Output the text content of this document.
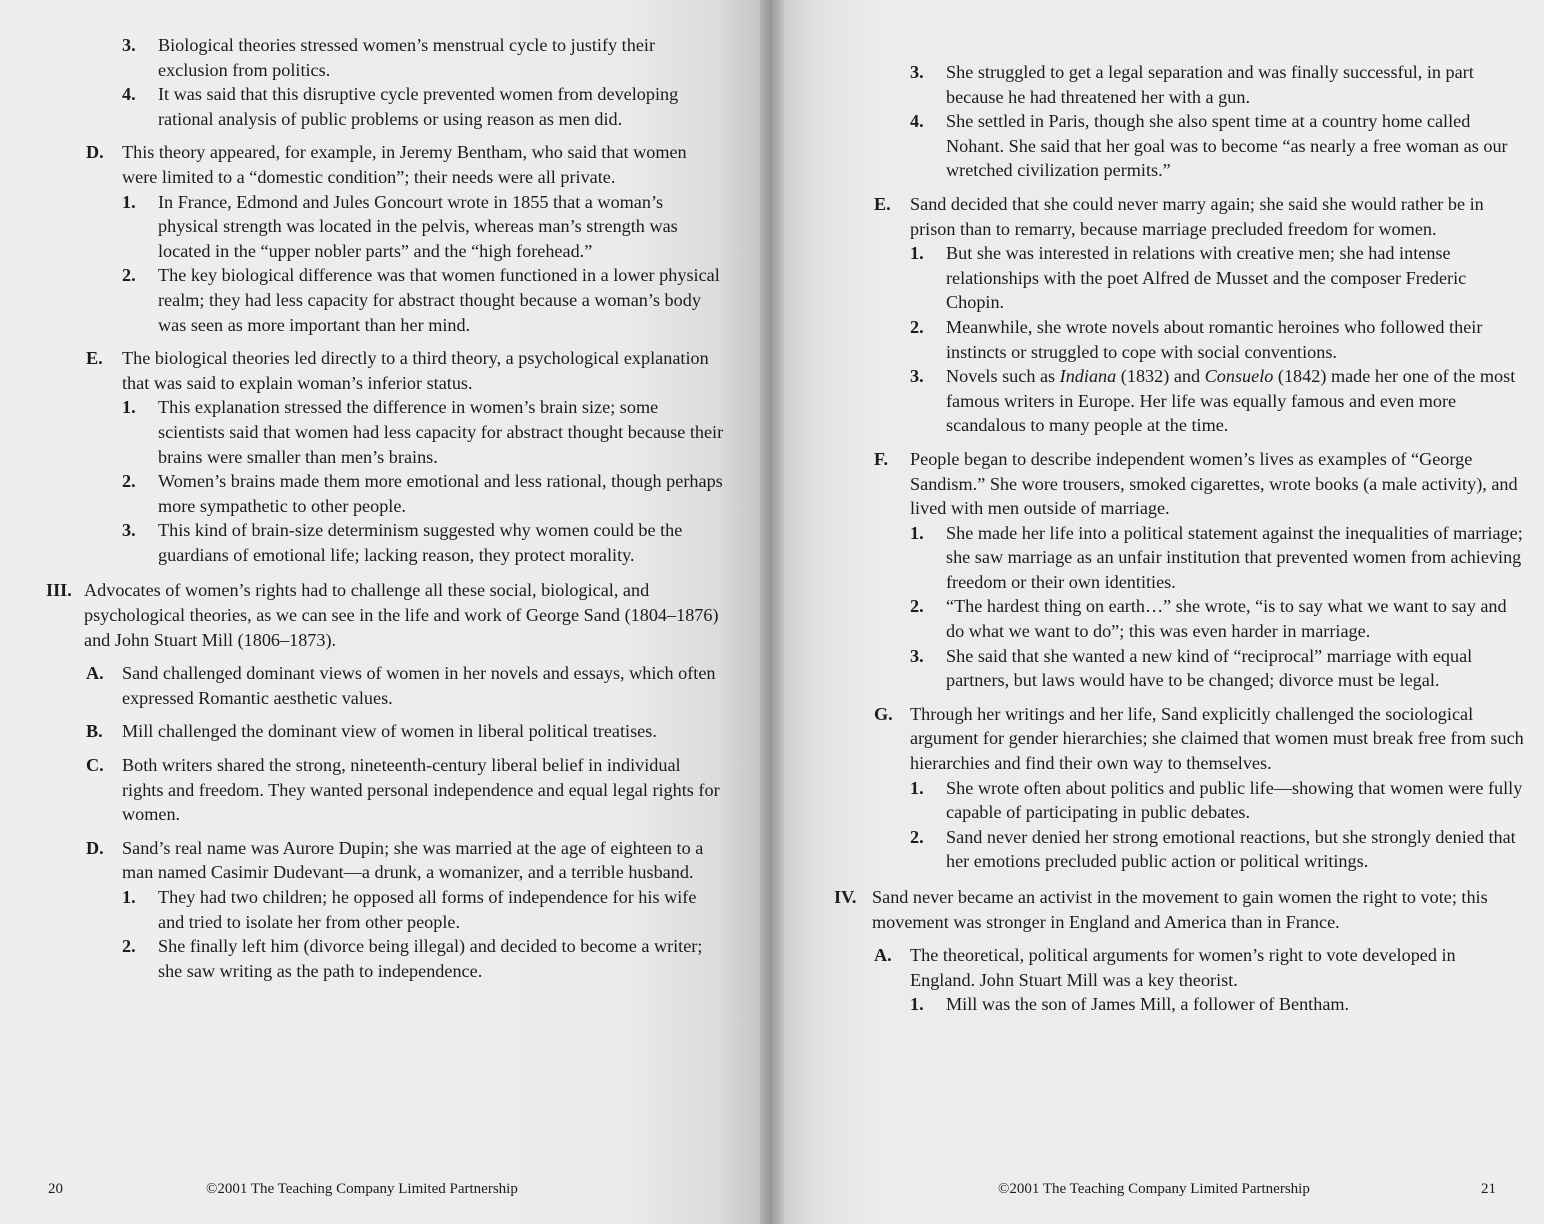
3. Biological theories stressed women’s menstrual cycle to justify their exclusion from politics.
4. It was said that this disruptive cycle prevented women from developing rational analysis of public problems or using reason as men did.
D. This theory appeared, for example, in Jeremy Bentham, who said that women were limited to a “domestic condition”; their needs were all private.
1. In France, Edmond and Jules Goncourt wrote in 1855 that a woman’s physical strength was located in the pelvis, whereas man’s strength was located in the “upper nobler parts” and the “high forehead.”
2. The key biological difference was that women functioned in a lower physical realm; they had less capacity for abstract thought because a woman’s body was seen as more important than her mind.
E. The biological theories led directly to a third theory, a psychological explanation that was said to explain woman’s inferior status.
1. This explanation stressed the difference in women’s brain size; some scientists said that women had less capacity for abstract thought because their brains were smaller than men’s brains.
2. Women’s brains made them more emotional and less rational, though perhaps more sympathetic to other people.
3. This kind of brain-size determinism suggested why women could be the guardians of emotional life; lacking reason, they protect morality.
III. Advocates of women’s rights had to challenge all these social, biological, and psychological theories, as we can see in the life and work of George Sand (1804–1876) and John Stuart Mill (1806–1873).
A. Sand challenged dominant views of women in her novels and essays, which often expressed Romantic aesthetic values.
B. Mill challenged the dominant view of women in liberal political treatises.
C. Both writers shared the strong, nineteenth-century liberal belief in individual rights and freedom. They wanted personal independence and equal legal rights for women.
D. Sand’s real name was Aurore Dupin; she was married at the age of eighteen to a man named Casimir Dudevant—a drunk, a womanizer, and a terrible husband.
1. They had two children; he opposed all forms of independence for his wife and tried to isolate her from other people.
2. She finally left him (divorce being illegal) and decided to become a writer; she saw writing as the path to independence.
20	©2001 The Teaching Company Limited Partnership
3. She struggled to get a legal separation and was finally successful, in part because he had threatened her with a gun.
4. She settled in Paris, though she also spent time at a country home called Nohant. She said that her goal was to become “as nearly a free woman as our wretched civilization permits.”
E. Sand decided that she could never marry again; she said she would rather be in prison than to remarry, because marriage precluded freedom for women.
1. But she was interested in relations with creative men; she had intense relationships with the poet Alfred de Musset and the composer Frederic Chopin.
2. Meanwhile, she wrote novels about romantic heroines who followed their instincts or struggled to cope with social conventions.
3. Novels such as Indiana (1832) and Consuelo (1842) made her one of the most famous writers in Europe. Her life was equally famous and even more scandalous to many people at the time.
F. People began to describe independent women’s lives as examples of “George Sandism.” She wore trousers, smoked cigarettes, wrote books (a male activity), and lived with men outside of marriage.
1. She made her life into a political statement against the inequalities of marriage; she saw marriage as an unfair institution that prevented women from achieving freedom or their own identities.
2. “The hardest thing on earth…” she wrote, “is to say what we want to say and do what we want to do”; this was even harder in marriage.
3. She said that she wanted a new kind of “reciprocal” marriage with equal partners, but laws would have to be changed; divorce must be legal.
G. Through her writings and her life, Sand explicitly challenged the sociological argument for gender hierarchies; she claimed that women must break free from such hierarchies and find their own way to themselves.
1. She wrote often about politics and public life—showing that women were fully capable of participating in public debates.
2. Sand never denied her strong emotional reactions, but she strongly denied that her emotions precluded public action or political writings.
IV. Sand never became an activist in the movement to gain women the right to vote; this movement was stronger in England and America than in France.
A. The theoretical, political arguments for women’s right to vote developed in England. John Stuart Mill was a key theorist.
1. Mill was the son of James Mill, a follower of Bentham.
©2001 The Teaching Company Limited Partnership	21
